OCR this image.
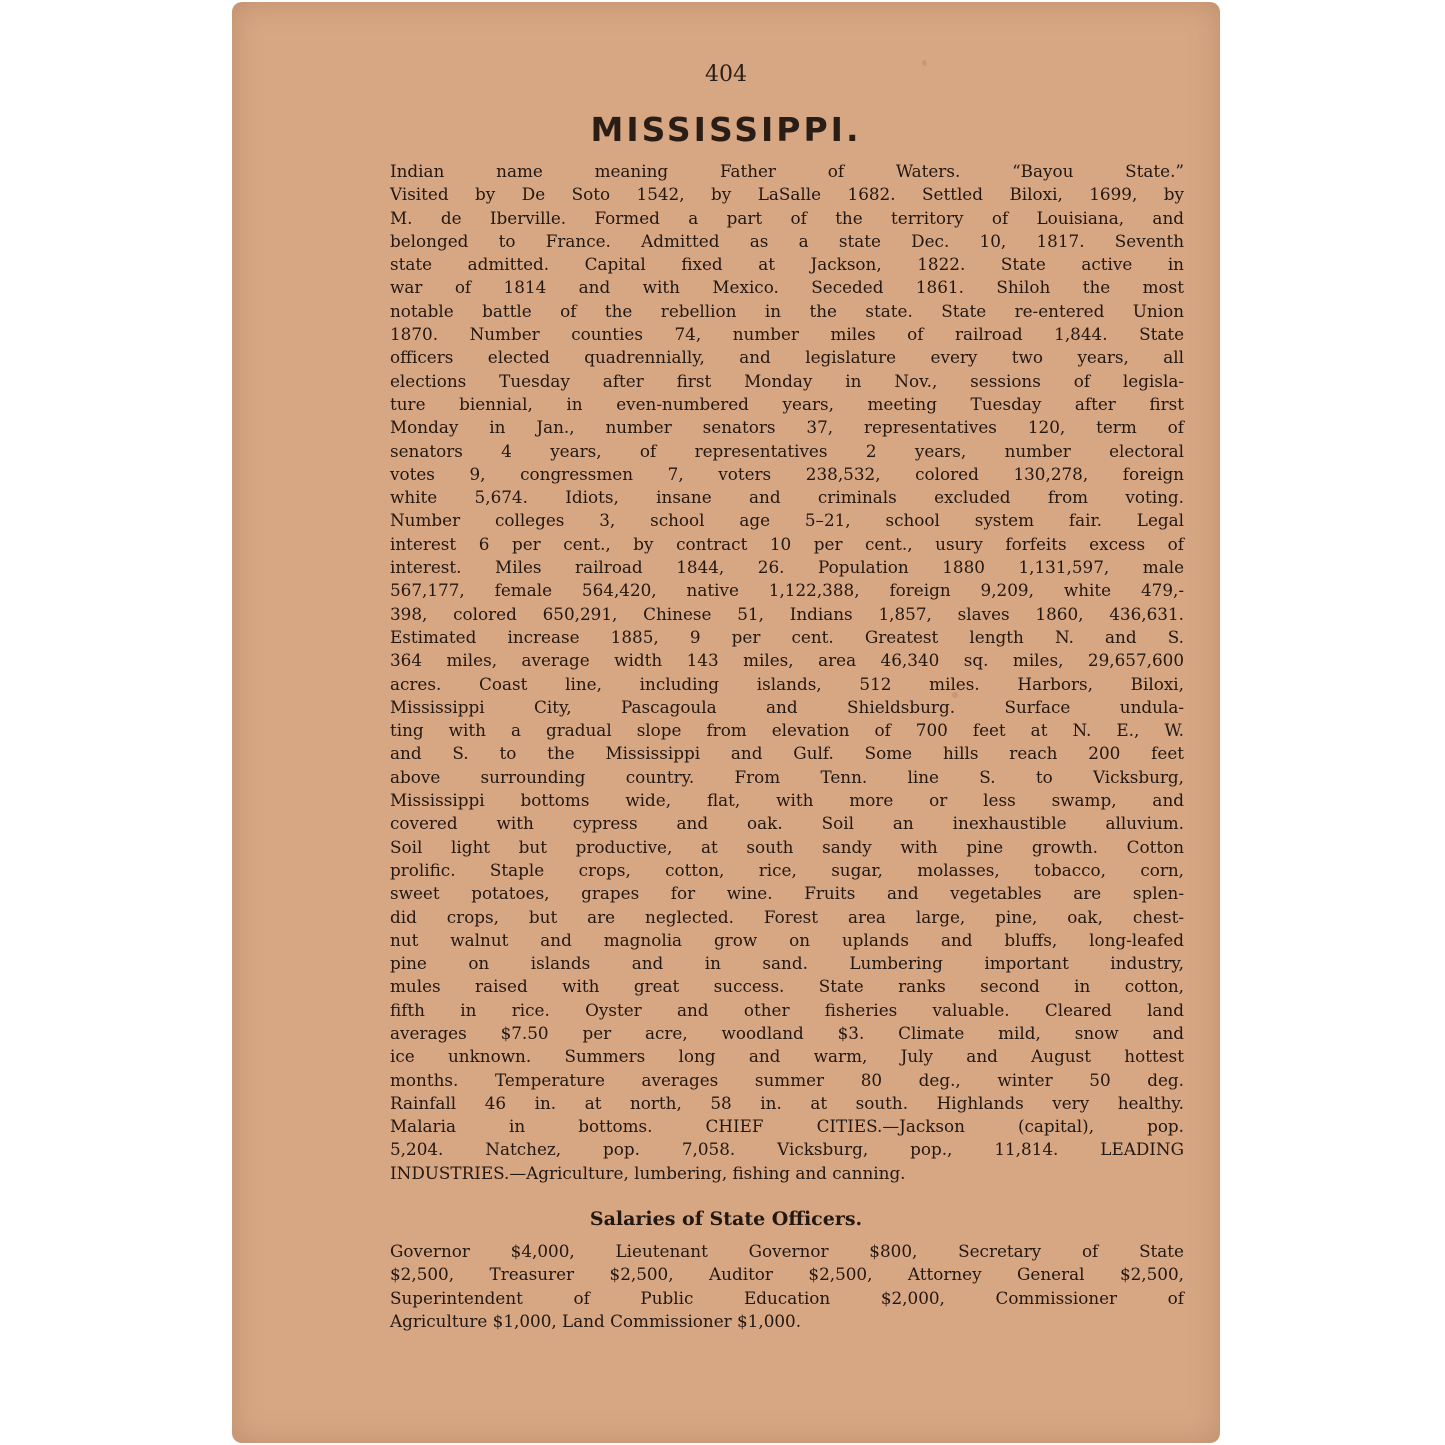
404
MISSISSIPPI.
Indian name meaning Father of Waters. “Bayou State.”
Visited by De Soto 1542, by LaSalle 1682. Settled Biloxi, 1699, by
M. de Iberville. Formed a part of the territory of Louisiana, and
belonged to France. Admitted as a state Dec. 10, 1817. Seventh
state admitted. Capital fixed at Jackson, 1822. State active in
war of 1814 and with Mexico. Seceded 1861. Shiloh the most
notable battle of the rebellion in the state. State re-entered Union
1870. Number counties 74, number miles of railroad 1,844. State
officers elected quadrennially, and legislature every two years, all
elections Tuesday after first Monday in Nov., sessions of legisla-
ture biennial, in even-numbered years, meeting Tuesday after first
Monday in Jan., number senators 37, representatives 120, term of
senators 4 years, of representatives 2 years, number electoral
votes 9, congressmen 7, voters 238,532, colored 130,278, foreign
white 5,674. Idiots, insane and criminals excluded from voting.
Number colleges 3, school age 5–21, school system fair. Legal
interest 6 per cent., by contract 10 per cent., usury forfeits excess of
interest. Miles railroad 1844, 26. Population 1880 1,131,597, male
567,177, female 564,420, native 1,122,388, foreign 9,209, white 479,-
398, colored 650,291, Chinese 51, Indians 1,857, slaves 1860, 436,631.
Estimated increase 1885, 9 per cent. Greatest length N. and S.
364 miles, average width 143 miles, area 46,340 sq. miles, 29,657,600
acres. Coast line, including islands, 512 miles. Harbors, Biloxi,
Mississippi City, Pascagoula and Shieldsburg. Surface undula-
ting with a gradual slope from elevation of 700 feet at N. E., W.
and S. to the Mississippi and Gulf. Some hills reach 200 feet
above surrounding country. From Tenn. line S. to Vicksburg,
Mississippi bottoms wide, flat, with more or less swamp, and
covered with cypress and oak. Soil an inexhaustible alluvium.
Soil light but productive, at south sandy with pine growth. Cotton
prolific. Staple crops, cotton, rice, sugar, molasses, tobacco, corn,
sweet potatoes, grapes for wine. Fruits and vegetables are splen-
did crops, but are neglected. Forest area large, pine, oak, chest-
nut walnut and magnolia grow on uplands and bluffs, long-leafed
pine on islands and in sand. Lumbering important industry,
mules raised with great success. State ranks second in cotton,
fifth in rice. Oyster and other fisheries valuable. Cleared land
averages $7.50 per acre, woodland $3. Climate mild, snow and
ice unknown. Summers long and warm, July and August hottest
months. Temperature averages summer 80 deg., winter 50 deg.
Rainfall 46 in. at north, 58 in. at south. Highlands very healthy.
Malaria in bottoms. CHIEF CITIES.—Jackson (capital), pop.
5,204. Natchez, pop. 7,058. Vicksburg, pop., 11,814. LEADING
INDUSTRIES.—Agriculture, lumbering, fishing and canning.
Salaries of State Officers.
Governor $4,000, Lieutenant Governor $800, Secretary of State
$2,500, Treasurer $2,500, Auditor $2,500, Attorney General $2,500,
Superintendent of Public Education $2,000, Commissioner of
Agriculture $1,000, Land Commissioner $1,000.
